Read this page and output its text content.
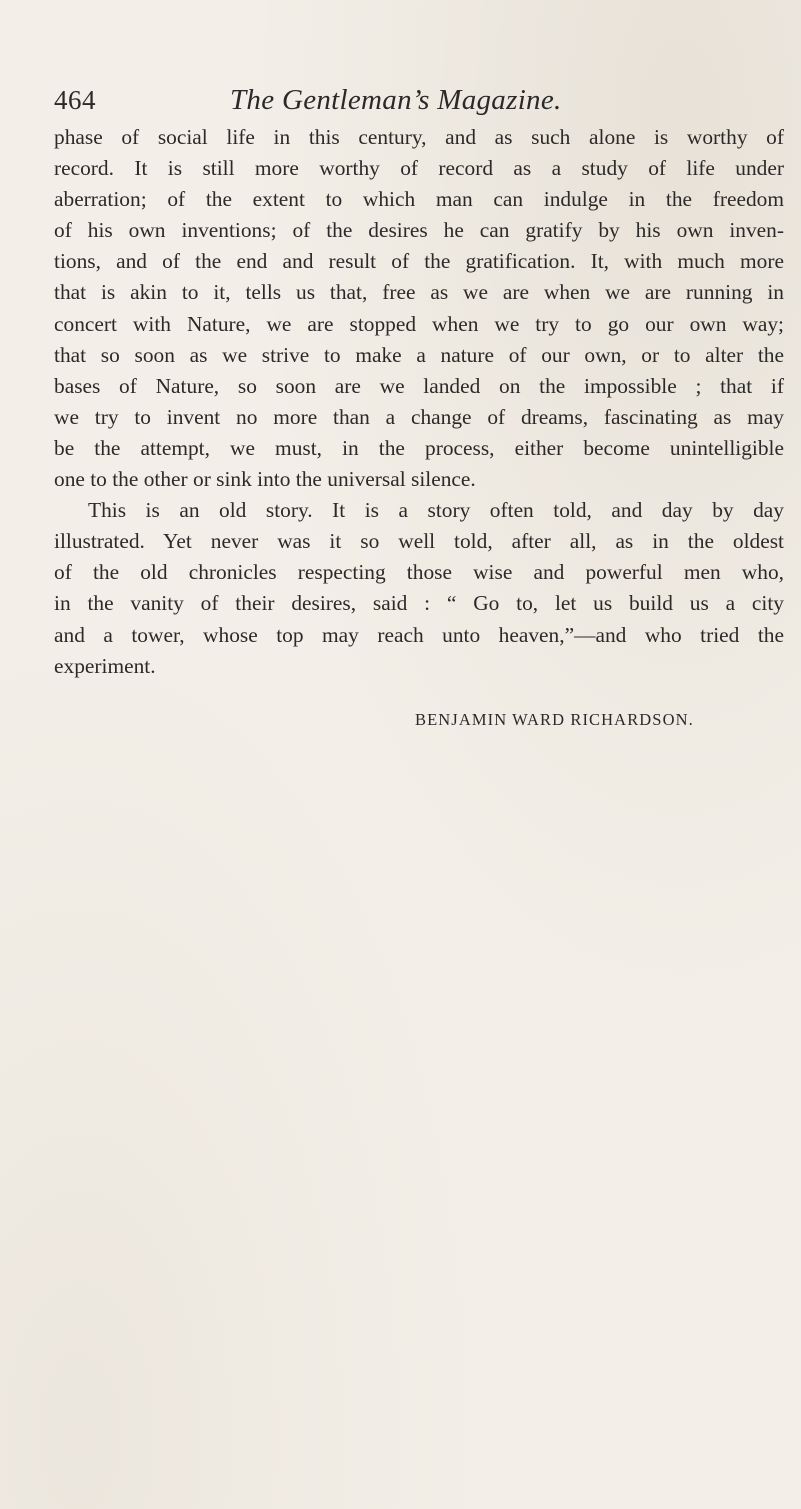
464	The Gentleman’s Magazine.

phase of social life in this century, and as such alone is worthy of
record. It is still more worthy of record as a study of life under
aberration; of the extent to which man can indulge in the freedom
of his own inventions; of the desires he can gratify by his own inven-
tions, and of the end and result of the gratification. It, with much more
that is akin to it, tells us that, free as we are when we are running in
concert with Nature, we are stopped when we try to go our own way;
that so soon as we strive to make a nature of our own, or to alter the
bases of Nature, so soon are we landed on the impossible ; that if
we try to invent no more than a change of dreams, fascinating as may
be the attempt, we must, in the process, either become unintelligible
one to the other or sink into the universal silence.

This is an old story. It is a story often told, and day by day
illustrated. Yet never was it so well told, after all, as in the oldest
of the old chronicles respecting those wise and powerful men who,
in the vanity of their desires, said : “ Go to, let us build us a city
and a tower, whose top may reach unto heaven,”—and who tried the
experiment.

BENJAMIN WARD RICHARDSON.
